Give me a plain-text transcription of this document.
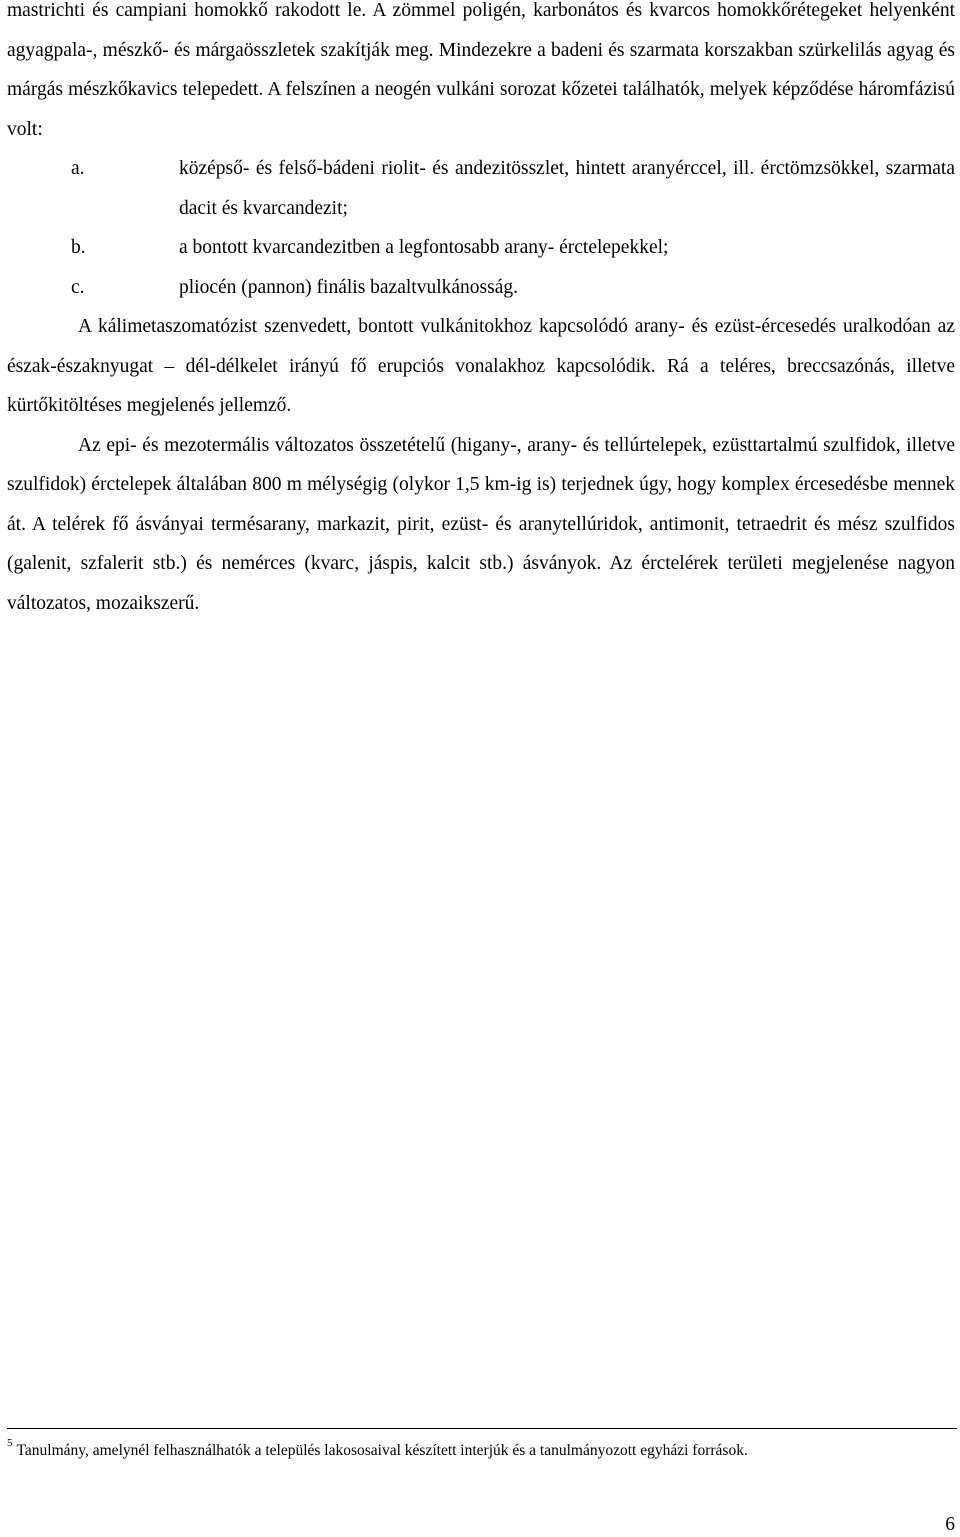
mastrichti és campiani homokkő rakodott le. A zömmel poligén, karbonátos és kvarcos homokkőrétegeket helyenként agyagpala-, mészkő- és márgaösszletek szakítják meg. Mindezekre a badeni és szarmata korszakban szürkelilás agyag és márgás mészkőkavics telepedett. A felszínen a neogén vulkáni sorozat kőzetei találhatók, melyek képződése háromfázisú volt:

a.	középső- és felső-bádeni riolit- és andezitösszlet, hintett aranyérccel, ill. érctömzsökkel, szarmata dacit és kvarcandezit;
b.	a bontott kvarcandezitben a legfontosabb arany- érctelepekkel;
c.	pliocén (pannon) finális bazaltvulkánosság.

A kálimetaszomatózist szenvedett, bontott vulkánitokhoz kapcsolódó arany- és ezüst-ércesedés uralkodóan az észak-északnyugat – dél-délkelet irányú fő erupciós vonalakhoz kapcsolódik. Rá a teléres, breccsazónás, illetve kürtőkitöltéses megjelenés jellemző.

Az epi- és mezotermális változatos összetételű (higany-, arany- és tellúrtelepek, ezüsttartalmú szulfidok, illetve szulfidok) érctelepek általában 800 m mélységig (olykor 1,5 km-ig is) terjednek úgy, hogy komplex ércesedésbe mennek át. A telérek fő ásványai termésarany, markazit, pirit, ezüst- és aranytellúridok, antimonit, tetraedrit és mész szulfidos (galenit, szfalerit stb.) és nemérces (kvarc, jáspis, kalcit stb.) ásványok. Az érctelérek területi megjelenése nagyon változatos, mozaikszerű.

$^5$ Tanulmány, amelynél felhasználhatók a település lakososaival készített interjúk és a tanulmányozott egyházi források.
6
